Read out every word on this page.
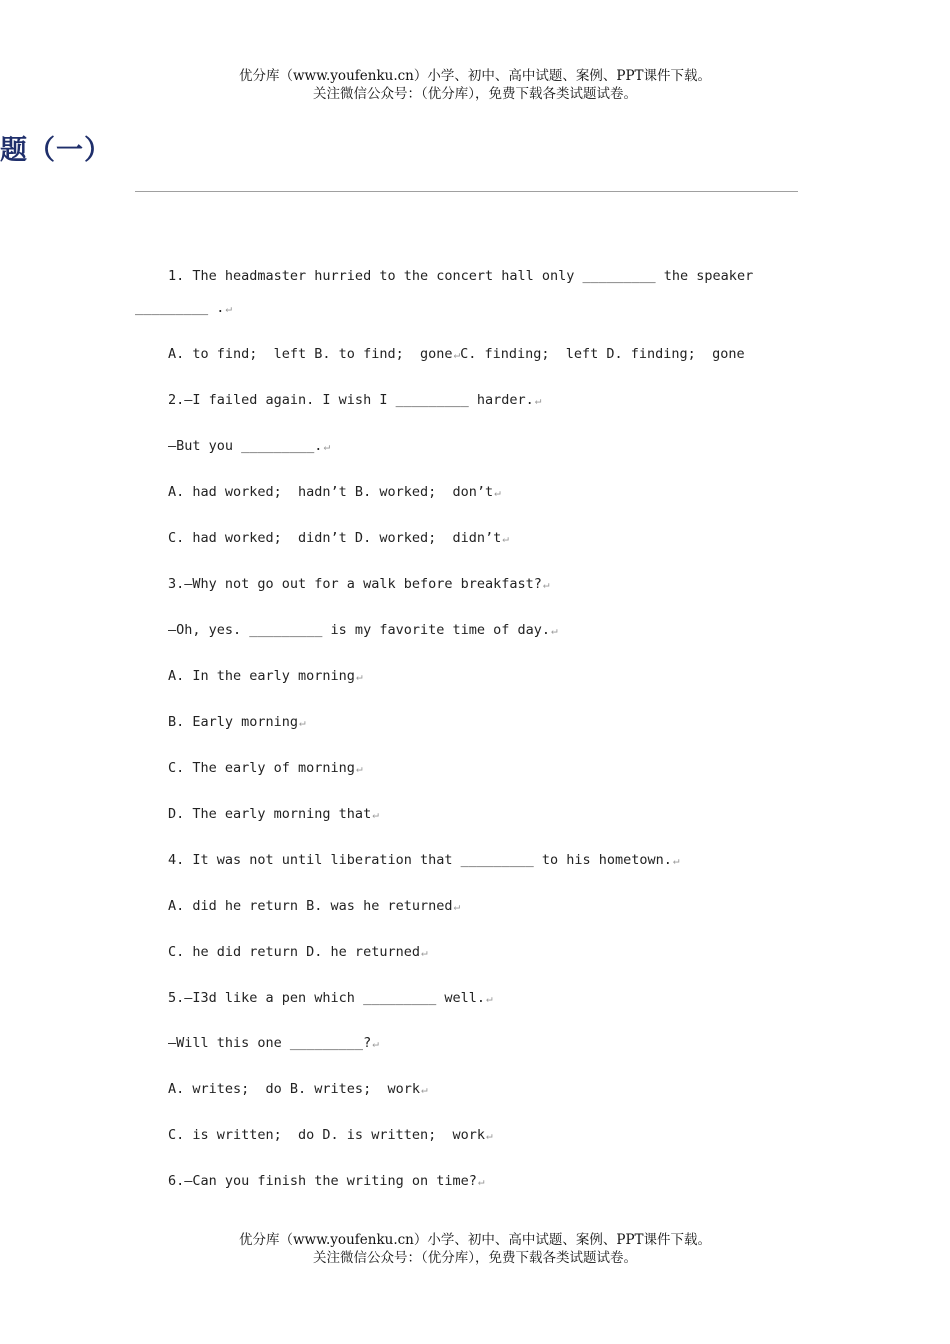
优分库（www.youfenku.cn）小学、初中、高中试题、案例、PPT课件下载。
关注微信公众号：（优分库），免费下载各类试题试卷。
题（一）
1. The headmaster hurried to the concert hall only _________ the speaker
_________ .↵
A. to find;  left B. to find;  gone↵C. finding;  left D. finding;  gone
2.—I failed again. I wish I _________ harder.↵
—But you _________.↵
A. had worked;  hadn’t B. worked;  don’t↵
C. had worked;  didn’t D. worked;  didn’t↵
3.—Why not go out for a walk before breakfast?↵
—Oh, yes. _________ is my favorite time of day.↵
A. In the early morning↵
B. Early morning↵
C. The early of morning↵
D. The early morning that↵
4. It was not until liberation that _________ to his hometown.↵
A. did he return B. was he returned↵
C. he did return D. he returned↵
5.—I3d like a pen which _________ well.↵
—Will this one _________?↵
A. writes;  do B. writes;  work↵
C. is written;  do D. is written;  work↵
6.—Can you finish the writing on time?↵
优分库（www.youfenku.cn）小学、初中、高中试题、案例、PPT课件下载。
关注微信公众号：（优分库），免费下载各类试题试卷。
